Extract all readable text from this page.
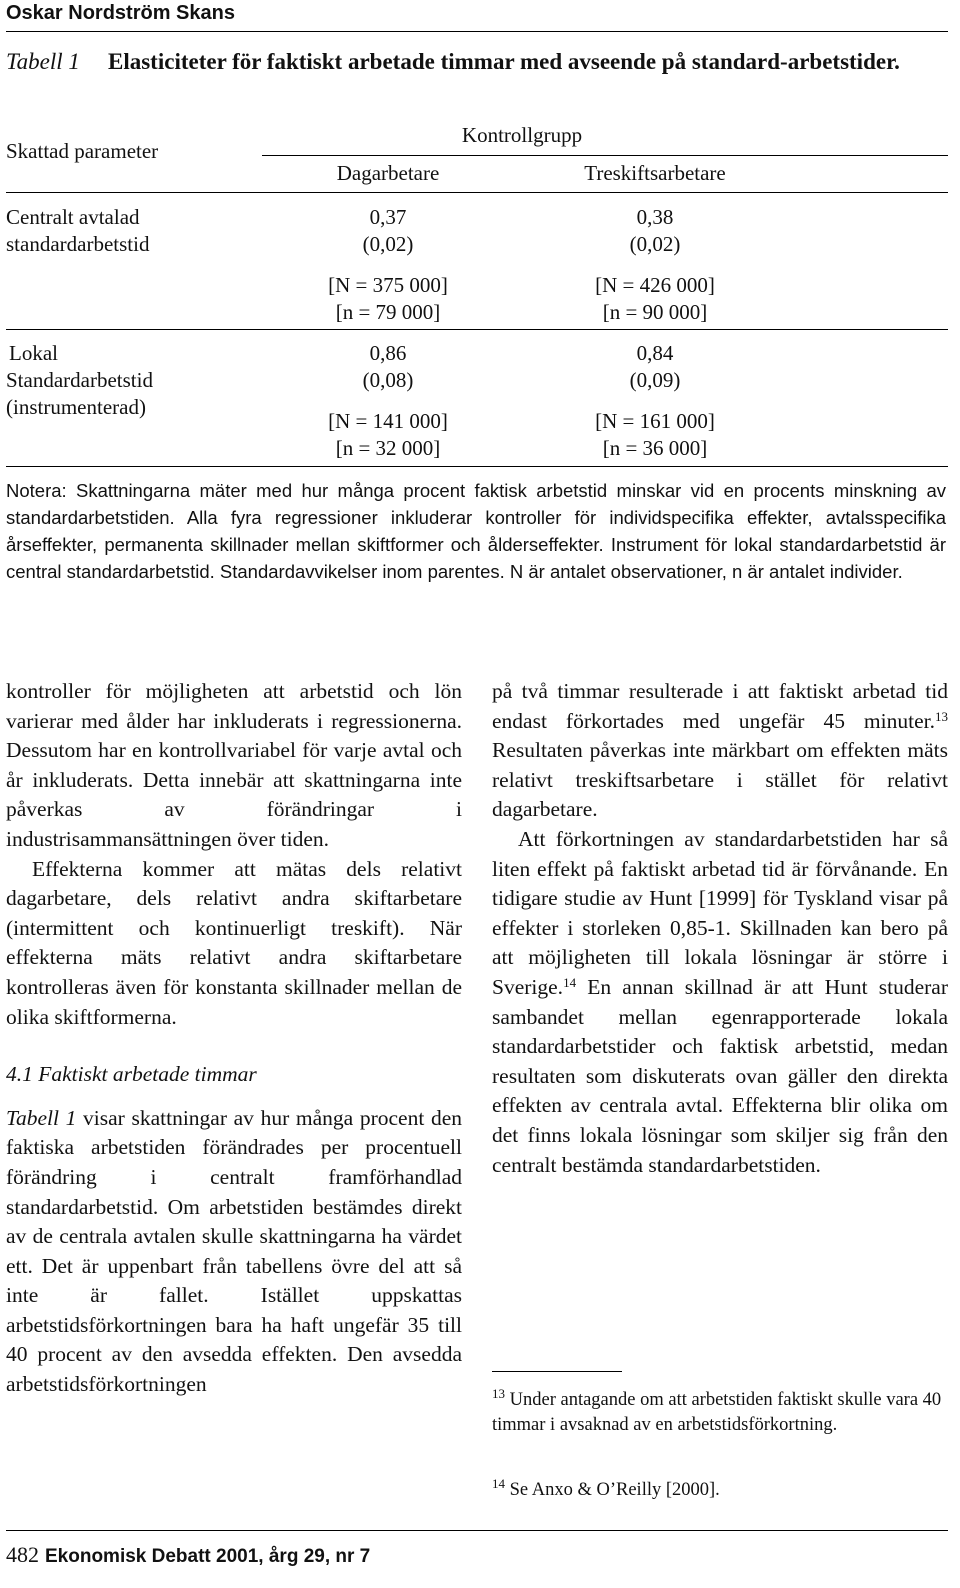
Oskar Nordström Skans
Tabell 1 Elasticiteter för faktiskt arbetade timmar med avseende på standard-arbetstider.
Skattad parameter
Kontrollgrupp
Dagarbetare	Treskiftsarbetare
Centralt avtalad
standardarbetstid
0,37
(0,02)
[N = 375 000]
[n = 79 000]
0,38
(0,02)
[N = 426 000]
[n = 90 000]
Lokal
Standardarbetstid
(instrumenterad)
0,86
(0,08)
[N = 141 000]
[n = 32 000]
0,84
(0,09)
[N = 161 000]
[n = 36 000]
Notera: Skattningarna mäter med hur många procent faktisk arbetstid minskar vid en procents minskning av standardarbetstiden. Alla fyra regressioner inkluderar kontroller för individspecifika effekter, avtalsspecifika årseffekter, permanenta skillnader mellan skiftformer och ålderseffekter. Instrument för lokal standardarbetstid är central standardarbetstid. Standardavvikelser inom parentes. N är antalet observationer, n är antalet individer.

kontroller för möjligheten att arbetstid och lön varierar med ålder har inkluderats i regressionerna. Dessutom har en kontrollvariabel för varje avtal och år inkluderats. Detta innebär att skattningarna inte påverkas av förändringar i industrisammansättningen över tiden.

Effekterna kommer att mätas dels relativt dagarbetare, dels relativt andra skiftarbetare (intermittent och kontinuerligt treskift). När effekterna mäts relativt andra skiftarbetare kontrolleras även för konstanta skillnader mellan de olika skiftformerna.

4.1 Faktiskt arbetade timmar

Tabell 1 visar skattningar av hur många procent den faktiska arbetstiden förändrades per procentuell förändring i centralt framförhandlad standardarbetstid. Om arbetstiden bestämdes direkt av de centrala avtalen skulle skattningarna ha värdet ett. Det är uppenbart från tabellens övre del att så inte är fallet. Istället uppskattas arbetstidsförkortningen bara ha haft ungefär 35 till 40 procent av den avsedda effekten. Den avsedda arbetstidsförkortningen

på två timmar resulterade i att faktiskt arbetad tid endast förkortades med ungefär 45 minuter.$^{13}$ Resultaten påverkas inte märkbart om effekten mäts relativt treskiftsarbetare i stället för relativt dagarbetare.

Att förkortningen av standardarbetstiden har så liten effekt på faktiskt arbetad tid är förvånande. En tidigare studie av Hunt [1999] för Tyskland visar på effekter i storleken 0,85-1. Skillnaden kan bero på att möjligheten till lokala lösningar är större i Sverige.$^{14}$ En annan skillnad är att Hunt studerar sambandet mellan egenrapporterade lokala standardarbetstider och faktisk arbetstid, medan resultaten som diskuterats ovan gäller den direkta effekten av centrala avtal. Effekterna blir olika om det finns lokala lösningar som skiljer sig från den centralt bestämda standardarbetstiden.

$^{13}$ Under antagande om att arbetstiden faktiskt skulle vara 40 timmar i avsaknad av en arbetstidsförkortning.
$^{14}$ Se Anxo & O’Reilly [2000].
482 Ekonomisk Debatt 2001, årg 29, nr 7
